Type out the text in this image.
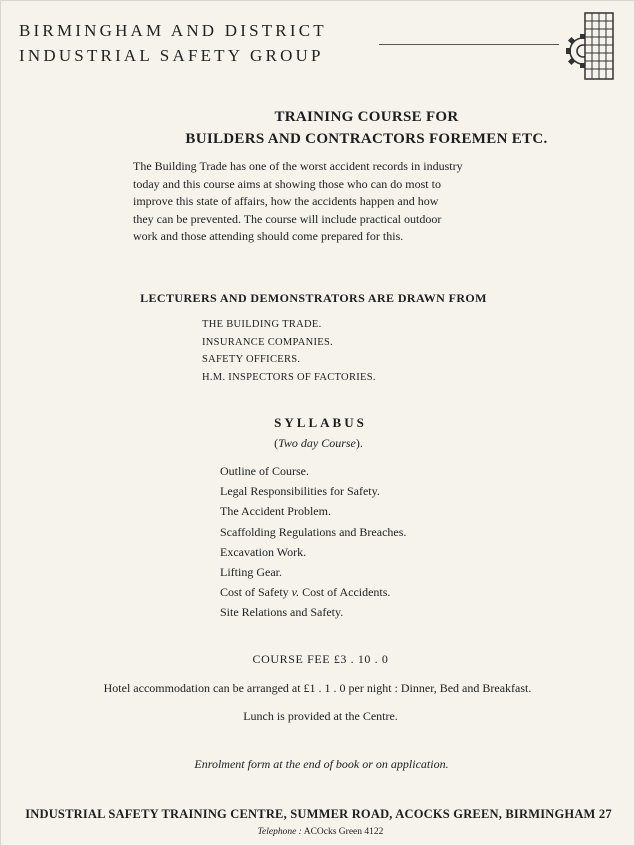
BIRMINGHAM AND DISTRICT
INDUSTRIAL SAFETY GROUP
TRAINING COURSE FOR
BUILDERS AND CONTRACTORS FOREMEN ETC.
The Building Trade has one of the worst accident records in industry
today and this course aims at showing those who can do most to
improve this state of affairs, how the accidents happen and how
they can be prevented. The course will include practical outdoor
work and those attending should come prepared for this.
LECTURERS AND DEMONSTRATORS ARE DRAWN FROM
THE BUILDING TRADE.
INSURANCE COMPANIES.
SAFETY OFFICERS.
H.M. INSPECTORS OF FACTORIES.
SYLLABUS
(Two day Course).
Outline of Course.
Legal Responsibilities for Safety.
The Accident Problem.
Scaffolding Regulations and Breaches.
Excavation Work.
Lifting Gear.
Cost of Safety v. Cost of Accidents.
Site Relations and Safety.
COURSE FEE £3 . 10 . 0
Hotel accommodation can be arranged at £1 . 1 . 0 per night : Dinner, Bed and Breakfast.
Lunch is provided at the Centre.
Enrolment form at the end of book or on application.
INDUSTRIAL SAFETY TRAINING CENTRE, SUMMER ROAD, ACOCKS GREEN, BIRMINGHAM 27
Telephone : ACOcks Green 4122
